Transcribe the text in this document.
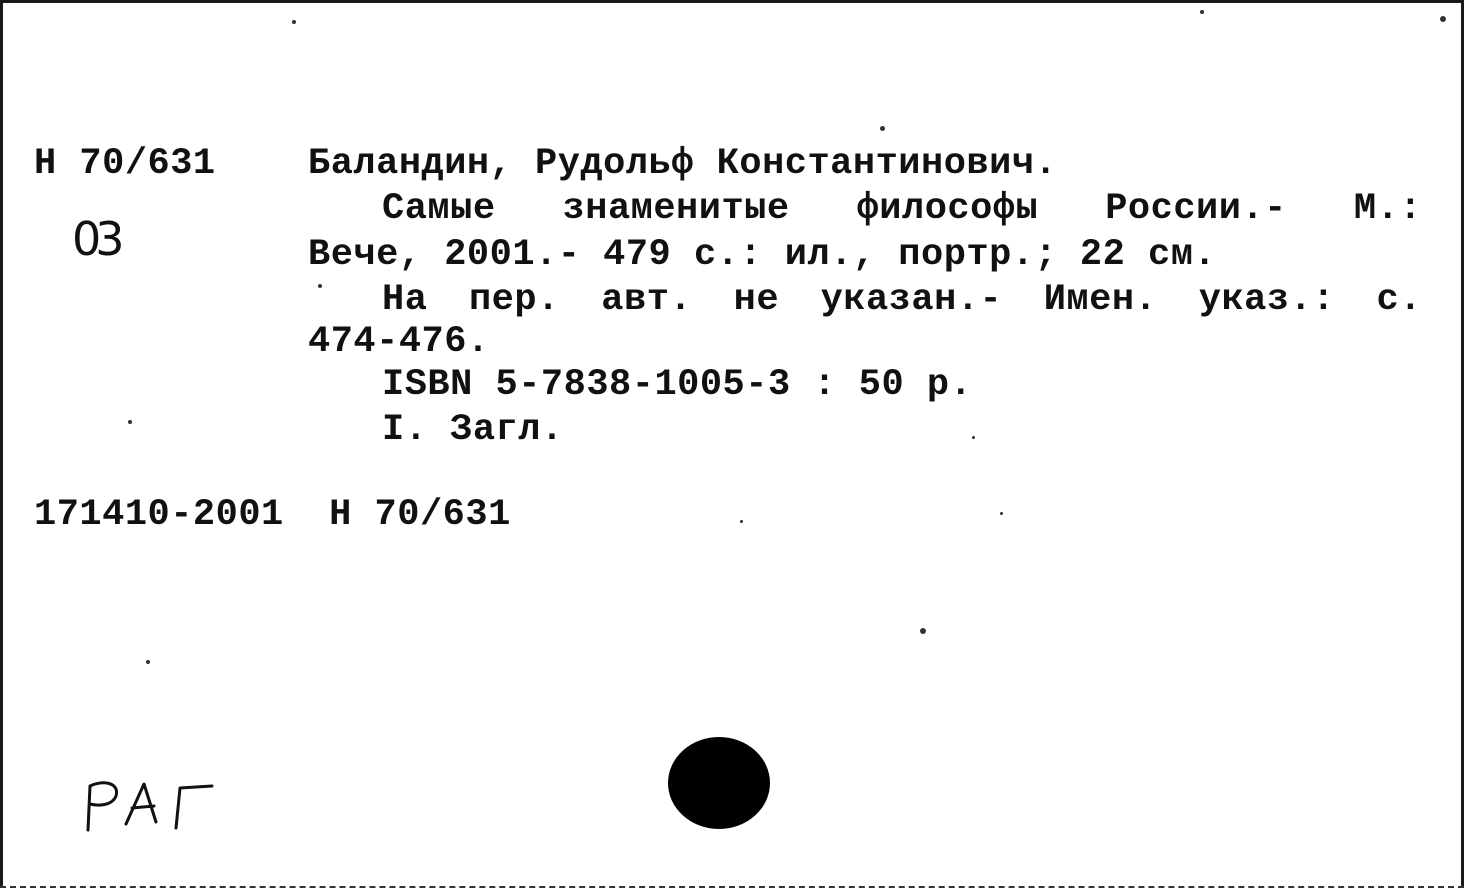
H 70/631
03
Баландин, Рудольф Константинович.
Самые знаменитые философы России.- М.:
Вече, 2001.- 479 с.: ил., портр.; 22 см.
На пер. авт. не указан.- Имен. указ.: с.
474-476.
ISBN 5-7838-1005-3 : 50 р.
I. Загл.
171410-2001  H 70/631
